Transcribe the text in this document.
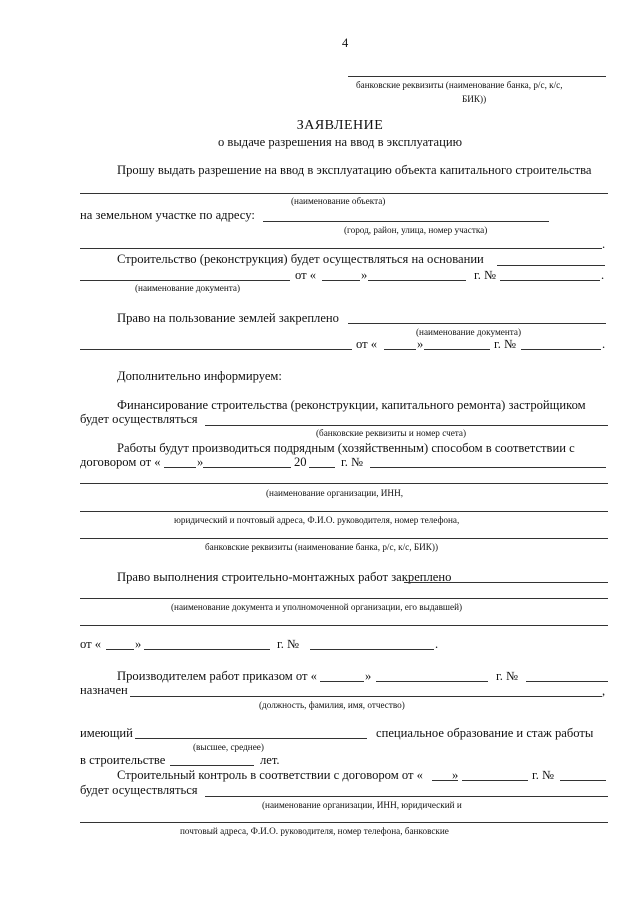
4
банковские реквизиты (наименование банка, р/с, к/с,
БИК))
ЗАЯВЛЕНИЕ
о выдаче разрешения на ввод в эксплуатацию
Прошу выдать разрешение на ввод в эксплуатацию объекта капитального строительства
(наименование объекта)
на земельном участке по адресу:
(город, район, улица, номер участка)
.
Строительство (реконструкция) будет осуществляться на основании
от «	»	г. №	.
(наименование документа)
Право на пользование землей закреплено
(наименование документа)
от «	»	г. №	.
Дополнительно информируем:
Финансирование строительства (реконструкции, капитального ремонта) застройщиком
будет осуществляться
(банковские реквизиты и номер счета)
Работы будут производиться подрядным (хозяйственным) способом в соответствии с
договором от «	»	20	г. №
(наименование организации, ИНН,
юридический и почтовый адреса, Ф.И.О. руководителя, номер телефона,
банковские реквизиты (наименование банка, р/с, к/с, БИК))
Право выполнения строительно-монтажных работ закреплено
(наименование документа и уполномоченной организации, его выдавшей)
от «	»	г. №	.
Производителем работ приказом от «	»	г. №
назначен	,
(должность, фамилия, имя, отчество)
имеющий	специальное образование и стаж работы
(высшее, среднее)
в строительстве	лет.
Строительный контроль в соответствии с договором от « »	г. №
будет осуществляться
(наименование организации, ИНН, юридический и
почтовый адреса, Ф.И.О. руководителя, номер телефона, банковские
